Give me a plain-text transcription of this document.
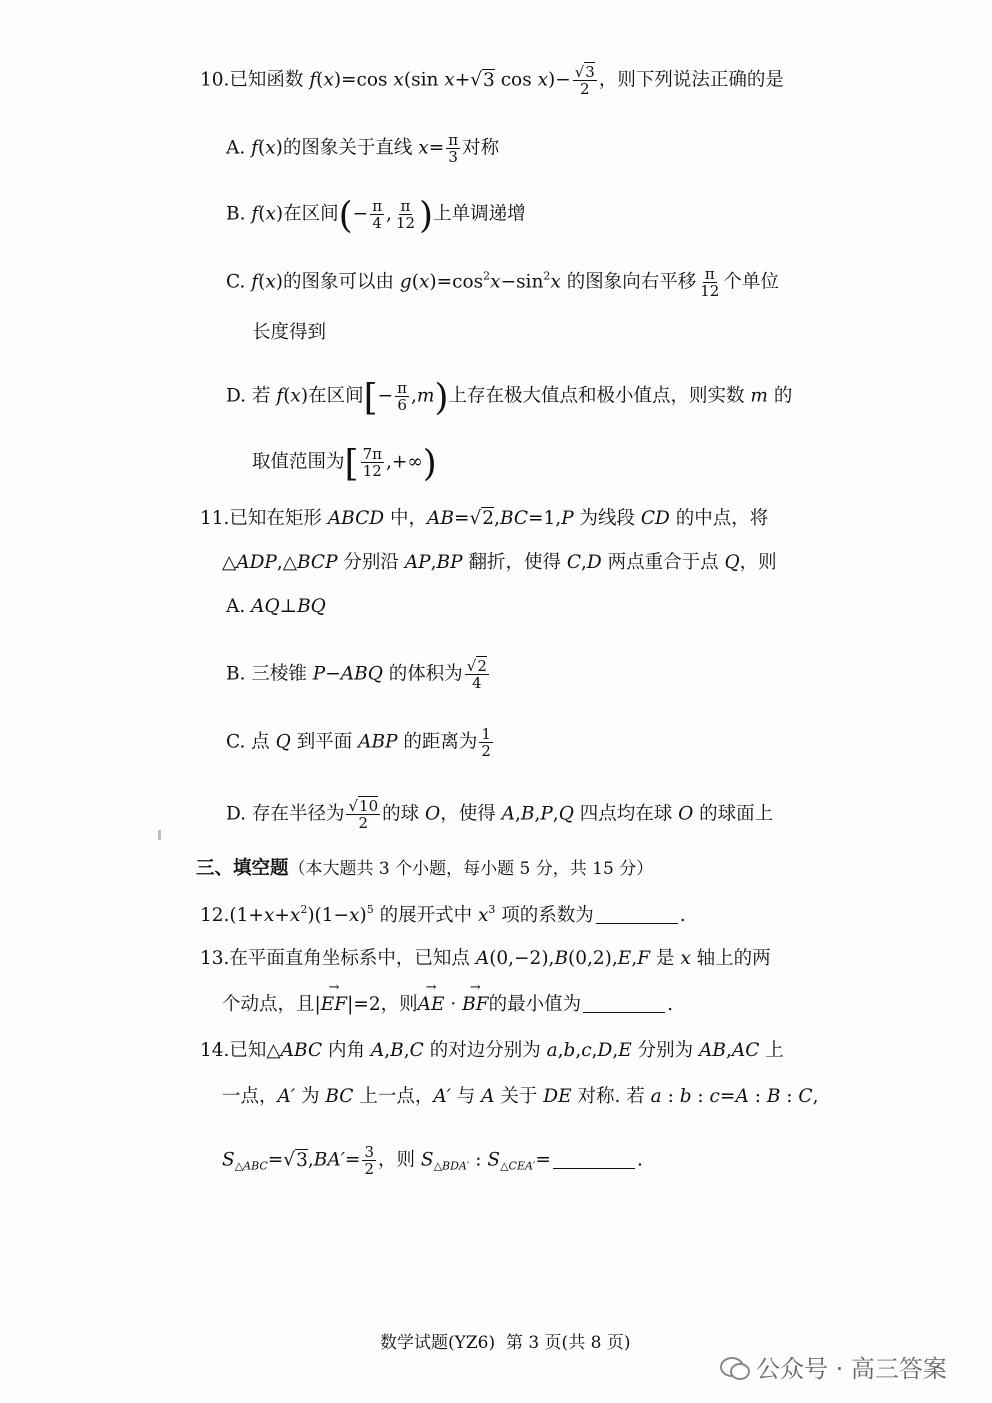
10.已知函数 f(x)=cos x(sin x+√3 $\cos x)- \frac{√3}{2}$ ，则下列说法正确的是
A. f(x)的图象关于直线 $x= \frac{\pi}{3}$ 对称
B. f(x)在区间(− $\frac{\pi}{4}$ , $\frac{\pi}{12}$ )上单调递增
C. f(x)的图象可以由 $g(x)=\cos^2x-\sin^2x$ 的图象向右平移 $\frac{\pi}{12}$ 个单位
长度得到
D. 若 f(x)在区间[− $\frac{\pi}{6} ,m$)上存在极大值点和极小值点，则实数 m 的
取值范围为[ $\frac{7\pi}{12}$ ,+∞)
11.已知在矩形 ABCD 中，AB=√2,BC=1,P 为线段 CD 的中点，将
△ADP,△BCP 分别沿 AP,BP 翻折，使得 C,D 两点重合于点 Q，则
A. AQ⊥BQ
B. 三棱锥 P−ABQ 的体积为 $\frac{√2}{4}$
C. 点 Q 到平面 ABP 的距离为 $\frac{1}{2}$
D. 存在半径为 $\frac{√10}{2}$ 的球 O，使得 A,B,P,Q 四点均在球 O 的球面上
三、填空题（本大题共 3 个小题，每小题 5 分，共 15 分）
$12.(1+x+x^2)(1-x)^5$ 的展开式中 $x^3$ 项的系数为	.
13.在平面直角坐标系中，已知点 A(0,−2),B(0,2),E,F 是 x 轴上的两
个动点，且|→ EF|=2，则→ AE · → BF的最小值为	.
14.已知△ABC 内角 A,B,C 的对边分别为 a,b,c,D,E 分别为 AB,AC 上
一点，A′ 为 BC 上一点，A′ 与 A 关于 DE 对称. 若 a : b : c=A : B : C,
$S_{\triangle ABC}=√3,BA'= \frac{3}{2}$ ，则 $S_{\triangle BDA'}$ : $S_{\triangle CEA'}=$	.
数学试题(YZ6) 第 3 页(共 8 页)
公众号 · 高三答案
